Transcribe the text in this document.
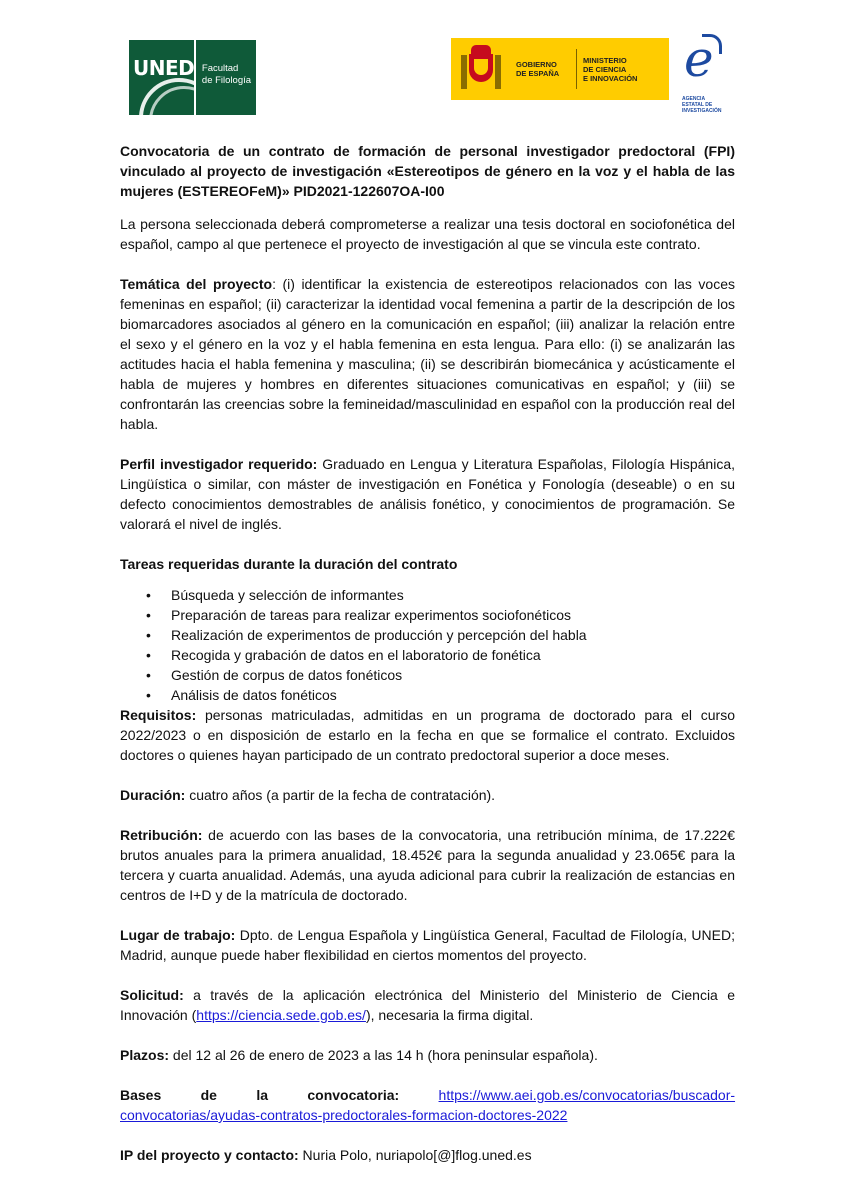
UNED Facultad
de Filología
GOBIERNO
DE ESPAÑA
MINISTERIO
DE CIENCIA
E INNOVACIÓN e
AGENCIA
ESTATAL DE
INVESTIGACIÓN

Convocatoria de un contrato de formación de personal investigador predoctoral (FPI) vinculado al proyecto de investigación «Estereotipos de género en la voz y el habla de las mujeres (ESTEREOFeM)» PID2021-122607OA-I00

La persona seleccionada deberá comprometerse a realizar una tesis doctoral en sociofonética del español, campo al que pertenece el proyecto de investigación al que se vincula este contrato.

Temática del proyecto: (i) identificar la existencia de estereotipos relacionados con las voces femeninas en español; (ii) caracterizar la identidad vocal femenina a partir de la descripción de los biomarcadores asociados al género en la comunicación en español; (iii) analizar la relación entre el sexo y el género en la voz y el habla femenina en esta lengua. Para ello: (i) se analizarán las actitudes hacia el habla femenina y masculina; (ii) se describirán biomecánica y acústicamente el habla de mujeres y hombres en diferentes situaciones comunicativas en español; y (iii) se confrontarán las creencias sobre la femineidad/masculinidad en español con la producción real del habla.

Perfil investigador requerido: Graduado en Lengua y Literatura Españolas, Filología Hispánica, Lingüística o similar, con máster de investigación en Fonética y Fonología (deseable) o en su defecto conocimientos demostrables de análisis fonético, y conocimientos de programación. Se valorará el nivel de inglés.

Tareas requeridas durante la duración del contrato

• Búsqueda y selección de informantes
• Preparación de tareas para realizar experimentos sociofonéticos
• Realización de experimentos de producción y percepción del habla
• Recogida y grabación de datos en el laboratorio de fonética
• Gestión de corpus de datos fonéticos
• Análisis de datos fonéticos

Requisitos: personas matriculadas, admitidas en un programa de doctorado para el curso 2022/2023 o en disposición de estarlo en la fecha en que se formalice el contrato. Excluidos doctores o quienes hayan participado de un contrato predoctoral superior a doce meses.

Duración: cuatro años (a partir de la fecha de contratación).

Retribución: de acuerdo con las bases de la convocatoria, una retribución mínima, de 17.222€ brutos anuales para la primera anualidad, 18.452€ para la segunda anualidad y 23.065€ para la tercera y cuarta anualidad. Además, una ayuda adicional para cubrir la realización de estancias en centros de I+D y de la matrícula de doctorado.

Lugar de trabajo: Dpto. de Lengua Española y Lingüística General, Facultad de Filología, UNED; Madrid, aunque puede haber flexibilidad en ciertos momentos del proyecto.

Solicitud: a través de la aplicación electrónica del Ministerio del Ministerio de Ciencia e Innovación (https://ciencia.sede.gob.es/), necesaria la firma digital.

Plazos: del 12 al 26 de enero de 2023 a las 14 h (hora peninsular española).

Bases	de	la	convocatoria:	https://www.aei.gob.es/convocatorias/buscador-

convocatorias/ayudas-contratos-predoctorales-formacion-doctores-2022

IP del proyecto y contacto: Nuria Polo, nuriapolo[@]flog.uned.es
